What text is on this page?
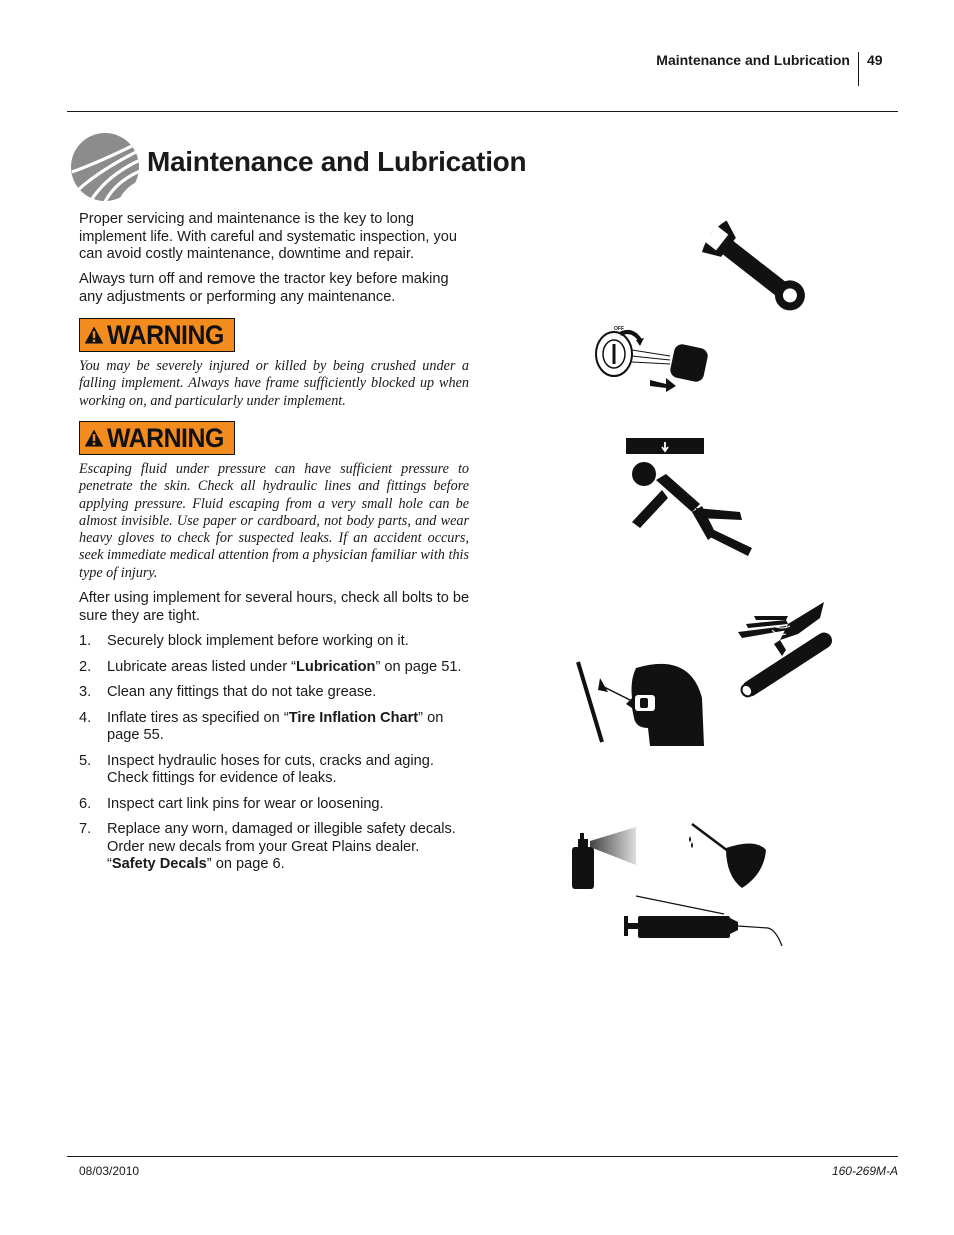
Maintenance and Lubrication 49
Maintenance and Lubrication
Proper servicing and maintenance is the key to long implement life. With careful and systematic inspection, you can avoid costly maintenance, downtime and repair.
Always turn off and remove the tractor key before making any adjustments or performing any maintenance.
WARNING
You may be severely injured or killed by being crushed under a falling implement. Always have frame sufficiently blocked up when working on, and particularly under implement.
WARNING
Escaping fluid under pressure can have sufficient pressure to penetrate the skin. Check all hydraulic lines and fittings before applying pressure. Fluid escaping from a very small hole can be almost invisible. Use paper or cardboard, not body parts, and wear heavy gloves to check for suspected leaks. If an accident occurs, seek immediate medical attention from a physician familiar with this type of injury.
After using implement for several hours, check all bolts to be sure they are tight.
1. Securely block implement before working on it.
2. Lubricate areas listed under “Lubrication” on page 51.
3. Clean any fittings that do not take grease.
4. Inflate tires as specified on “Tire Inflation Chart” on page 55.
5. Inspect hydraulic hoses for cuts, cracks and aging. Check fittings for evidence of leaks.
6. Inspect cart link pins for wear or loosening.
7. Replace any worn, damaged or illegible safety decals. Order new decals from your Great Plains dealer. “Safety Decals” on page 6.
OFF
08/03/2010	160-269M-A
